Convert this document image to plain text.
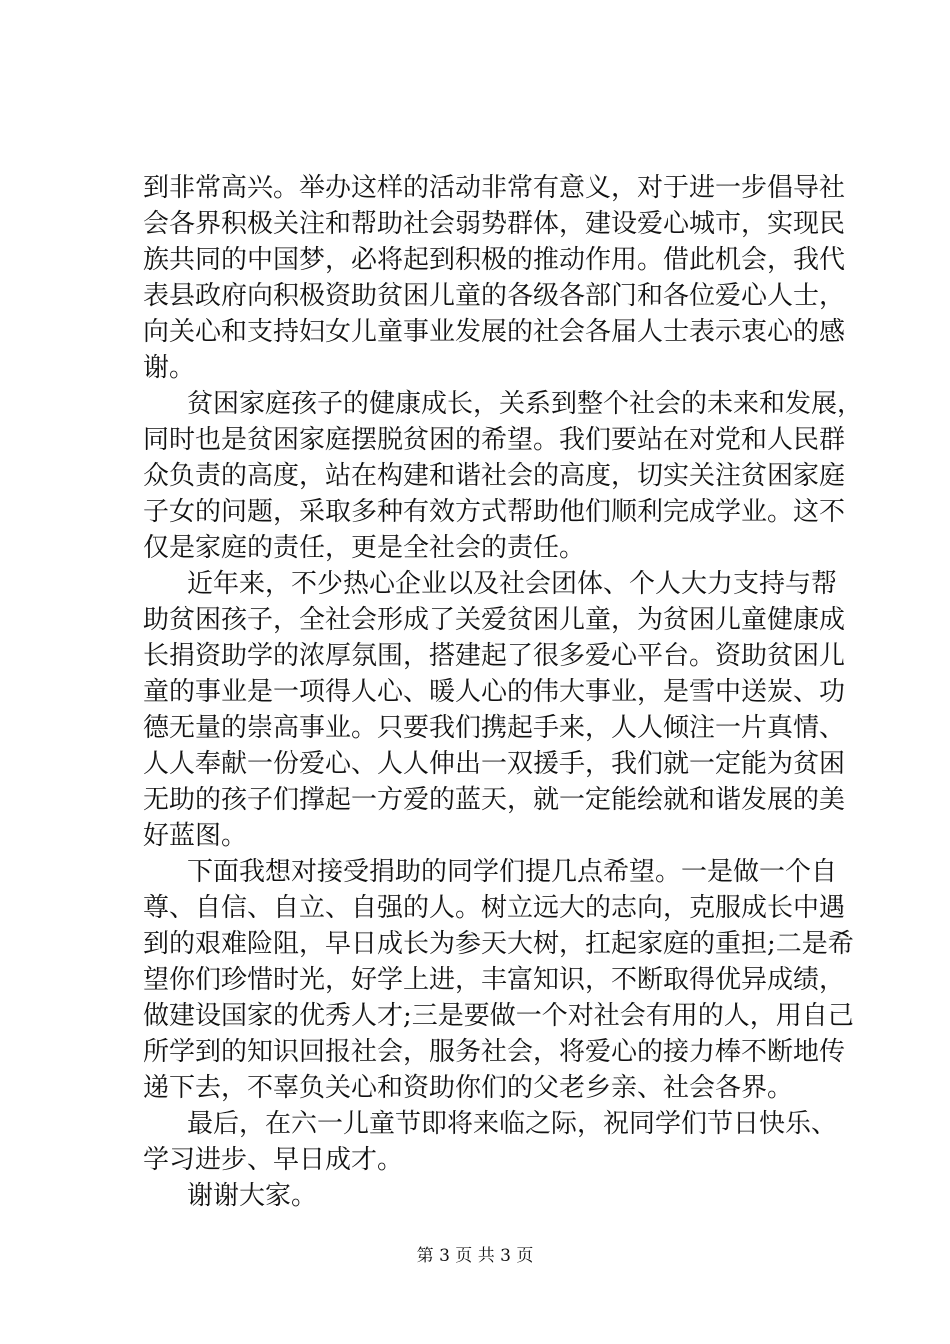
到非常高兴。举办这样的活动非常有意义，对于进一步倡导社
会各界积极关注和帮助社会弱势群体，建设爱心城市，实现民
族共同的中国梦，必将起到积极的推动作用。借此机会，我代
表县政府向积极资助贫困儿童的各级各部门和各位爱心人士，
向关心和支持妇女儿童事业发展的社会各届人士表示衷心的感
谢。
贫困家庭孩子的健康成长，关系到整个社会的未来和发展，
同时也是贫困家庭摆脱贫困的希望。我们要站在对党和人民群
众负责的高度，站在构建和谐社会的高度，切实关注贫困家庭
子女的问题，采取多种有效方式帮助他们顺利完成学业。这不
仅是家庭的责任，更是全社会的责任。
近年来，不少热心企业以及社会团体、个人大力支持与帮
助贫困孩子，全社会形成了关爱贫困儿童，为贫困儿童健康成
长捐资助学的浓厚氛围，搭建起了很多爱心平台。资助贫困儿
童的事业是一项得人心、暖人心的伟大事业，是雪中送炭、功
德无量的崇高事业。只要我们携起手来，人人倾注一片真情、
人人奉献一份爱心、人人伸出一双援手，我们就一定能为贫困
无助的孩子们撑起一方爱的蓝天，就一定能绘就和谐发展的美
好蓝图。
下面我想对接受捐助的同学们提几点希望。一是做一个自
尊、自信、自立、自强的人。树立远大的志向，克服成长中遇
到的艰难险阻，早日成长为参天大树，扛起家庭的重担;二是希
望你们珍惜时光，好学上进，丰富知识，不断取得优异成绩，
做建设国家的优秀人才;三是要做一个对社会有用的人，用自己
所学到的知识回报社会，服务社会，将爱心的接力棒不断地传
递下去，不辜负关心和资助你们的父老乡亲、社会各界。
最后，在六一儿童节即将来临之际，祝同学们节日快乐、
学习进步、早日成才。
谢谢大家。
第 3 页 共 3 页
